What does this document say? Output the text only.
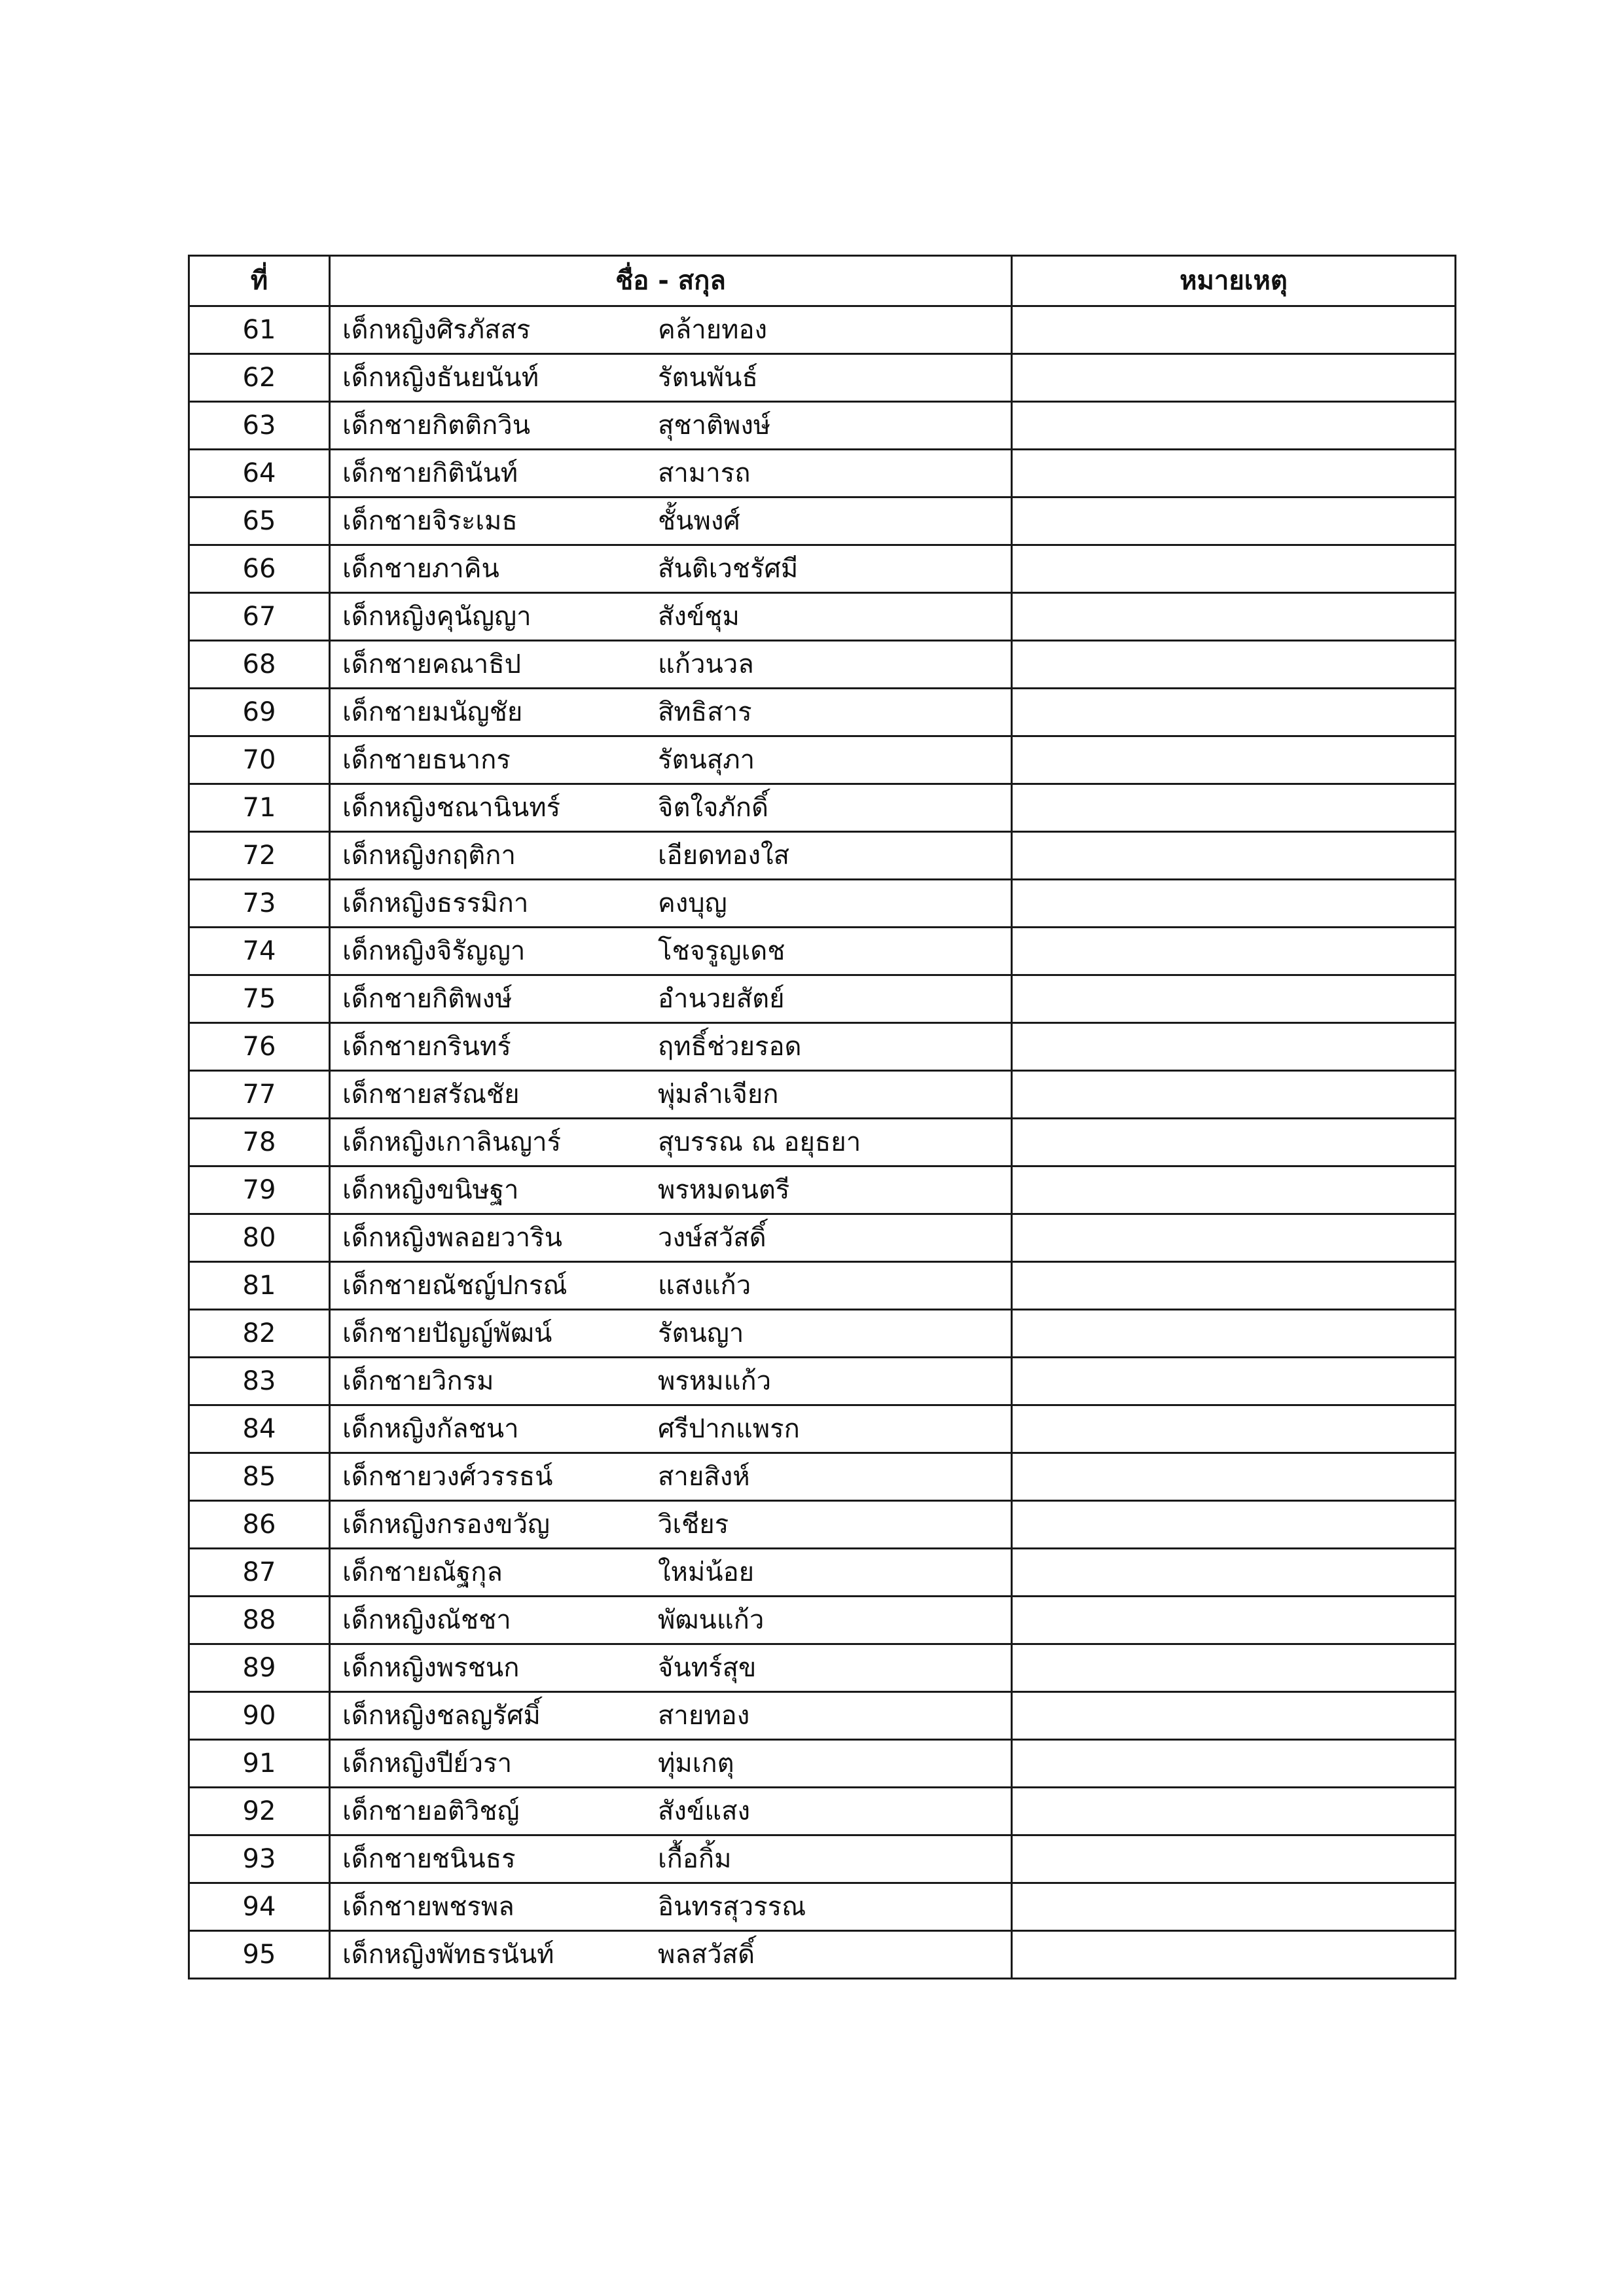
ที่	ชื่อ - สกุล	หมายเหตุ
61	เด็กหญิงศิรภัสสร คล้ายทอง	

62	เด็กหญิงธันยนันท์ รัตนพันธ์	

63	เด็กชายกิตติกวิน สุชาติพงษ์	

64	เด็กชายกิตินันท์ สามารถ	

65	เด็กชายจิระเมธ ชั้นพงศ์	

66	เด็กชายภาคิน สันติเวชรัศมี	

67	เด็กหญิงคุนัญญา สังข์ชุม	

68	เด็กชายคณาธิป แก้วนวล	

69	เด็กชายมนัญชัย สิทธิสาร	

70	เด็กชายธนากร รัตนสุภา	

71	เด็กหญิงชณานินทร์ จิตใจภักดิ์	

72	เด็กหญิงกฤติกา เอียดทองใส	

73	เด็กหญิงธรรมิกา คงบุญ	

74	เด็กหญิงจิรัญญา โชจรูญเดช	

75	เด็กชายกิติพงษ์ อำนวยสัตย์	

76	เด็กชายกรินทร์ ฤทธิ์ช่วยรอด	

77	เด็กชายสรัณชัย พุ่มลำเจียก	

78	เด็กหญิงเกาลินญาร์ สุบรรณ ณ อยุธยา	

79	เด็กหญิงขนิษฐา พรหมดนตรี	

80	เด็กหญิงพลอยวาริน วงษ์สวัสดิ์	

81	เด็กชายณัชญ์ปกรณ์ แสงแก้ว	

82	เด็กชายปัญญ์พัฒน์ รัตนญา	

83	เด็กชายวิกรม พรหมแก้ว	

84	เด็กหญิงกัลชนา ศรีปากแพรก	

85	เด็กชายวงศ์วรรธน์ สายสิงห์	

86	เด็กหญิงกรองขวัญ วิเชียร	

87	เด็กชายณัฐกุล ใหม่น้อย	

88	เด็กหญิงณัชชา พัฒนแก้ว	

89	เด็กหญิงพรชนก จันทร์สุข	

90	เด็กหญิงชลญรัศมิ์ สายทอง	

91	เด็กหญิงปีย์วรา ทุ่มเกตุ	

92	เด็กชายอติวิชญ์ สังข์แสง	

93	เด็กชายชนินธร เกื้อกิ้ม	

94	เด็กชายพชรพล อินทรสุวรรณ	

95	เด็กหญิงพัทธรนันท์ พลสวัสดิ์	
